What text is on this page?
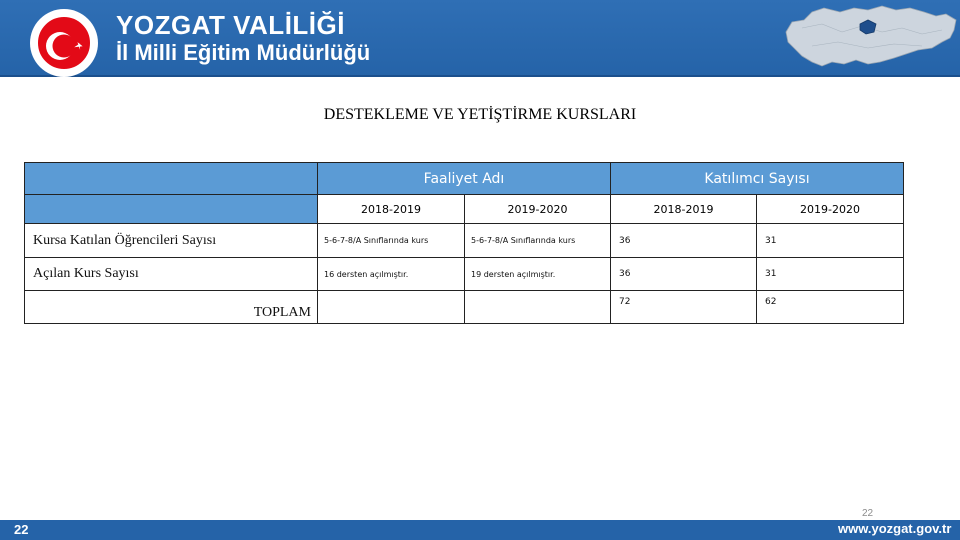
YOZGAT VALİLİĞİ
İl Milli Eğitim Müdürlüğü
DESTEKLEME VE YETİŞTİRME KURSLARI
	Faaliyet Adı		Katılımcı Sayısı	
	2018-2019	2019-2020	2018-2019	2019-2020
Kursa Katılan Öğrencileri Sayısı	5-6-7-8/A Sınıflarında kurs	5-6-7-8/A Sınıflarında kurs	36	31
Açılan Kurs Sayısı	16 dersten açılmıştır.	19 dersten açılmıştır.	36	31
TOPLAM			72	62
22
22	www.yozgat.gov.tr
